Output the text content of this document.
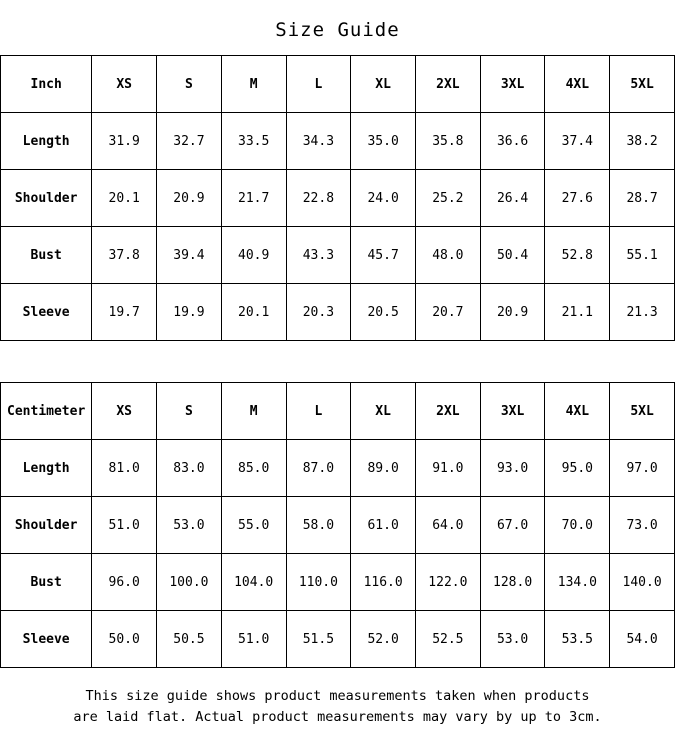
Size Guide
Inch	XS	S	M	L	XL	2XL	3XL	4XL	5XL
Length	31.9	32.7	33.5	34.3	35.0	35.8	36.6	37.4	38.2
Shoulder	20.1	20.9	21.7	22.8	24.0	25.2	26.4	27.6	28.7
Bust	37.8	39.4	40.9	43.3	45.7	48.0	50.4	52.8	55.1
Sleeve	19.7	19.9	20.1	20.3	20.5	20.7	20.9	21.1	21.3
Centimeter	XS	S	M	L	XL	2XL	3XL	4XL	5XL
Length	81.0	83.0	85.0	87.0	89.0	91.0	93.0	95.0	97.0
Shoulder	51.0	53.0	55.0	58.0	61.0	64.0	67.0	70.0	73.0
Bust	96.0	100.0	104.0	110.0	116.0	122.0	128.0	134.0	140.0
Sleeve	50.0	50.5	51.0	51.5	52.0	52.5	53.0	53.5	54.0
This size guide shows product measurements taken when products
are laid flat. Actual product measurements may vary by up to 3cm.
